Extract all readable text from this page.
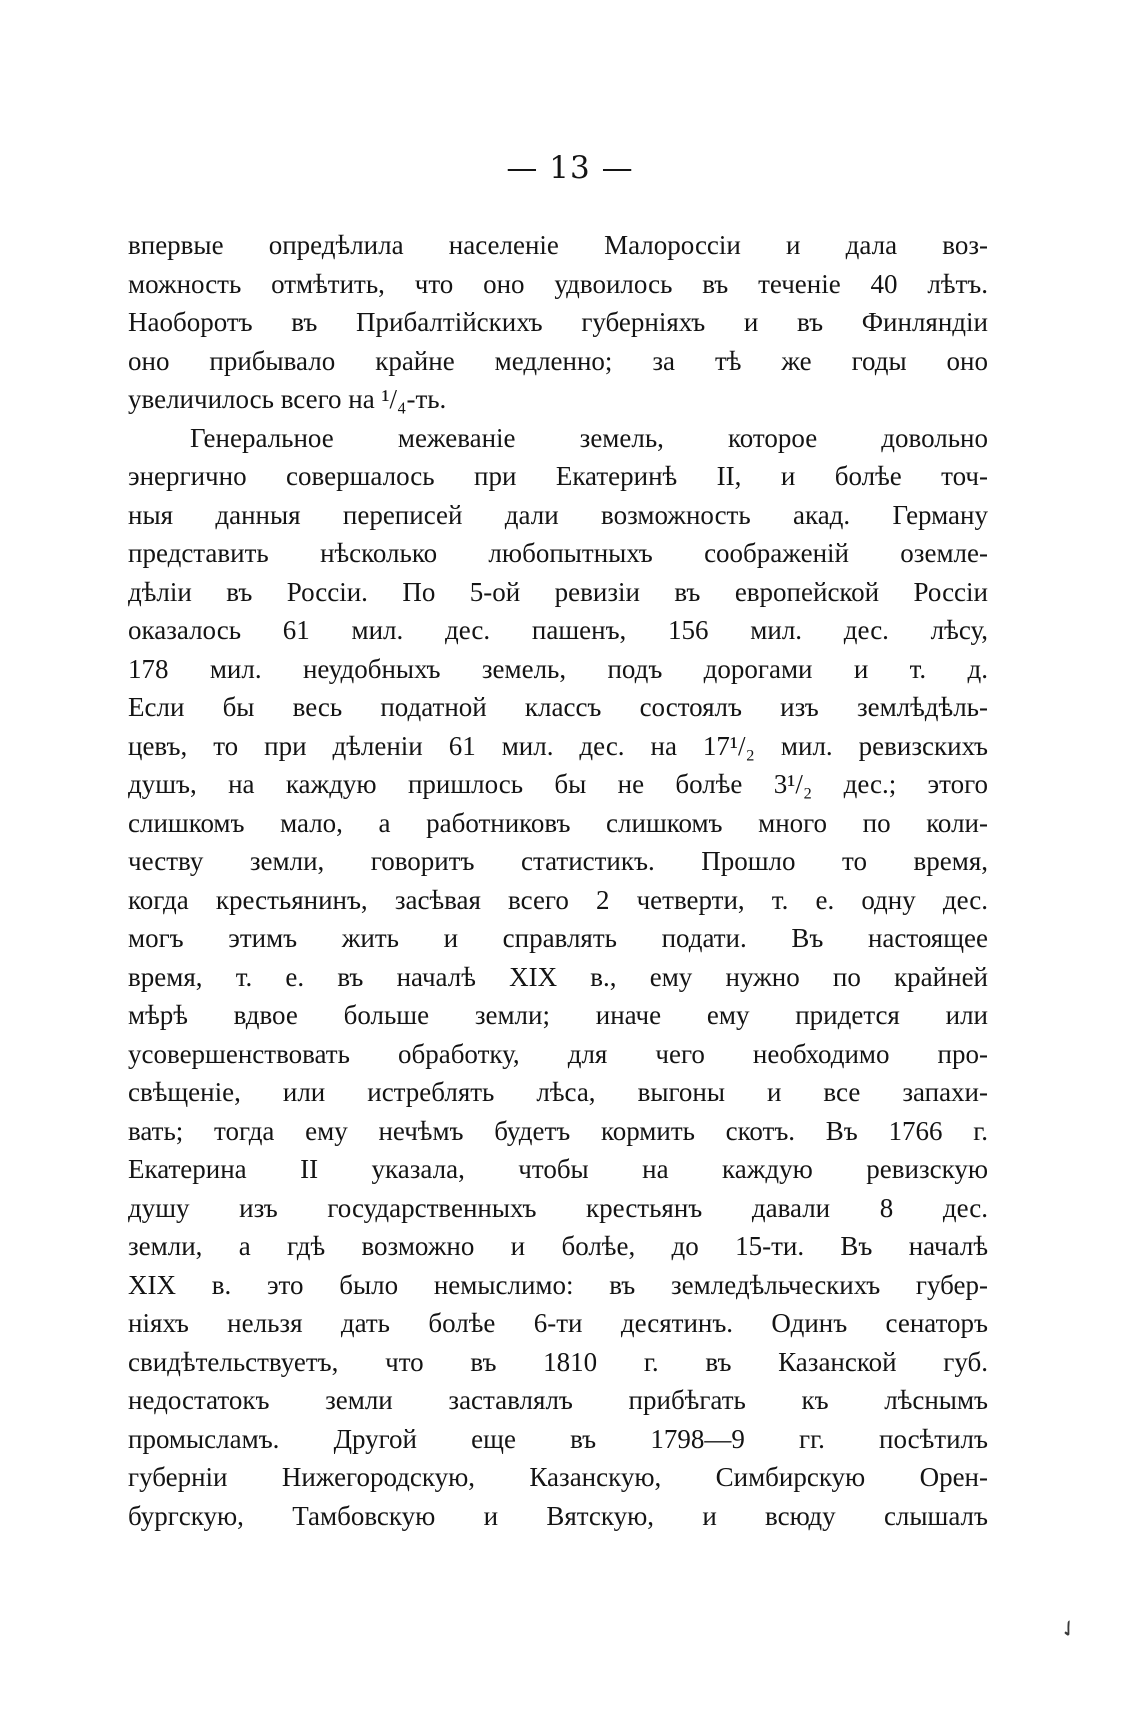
— 13 —
впервые опредѣлила населеніе Малороссіи и дала воз-
можность отмѣтить, что оно удвоилось въ теченіе 40 лѣтъ.
Наоборотъ въ Прибалтійскихъ губерніяхъ и въ Финляндіи
оно прибывало крайне медленно; за тѣ же годы оно
увеличилось всего на ¹/₄-ть.
Генеральное межеваніе земель, которое довольно
энергично совершалось при Екатеринѣ II, и болѣе точ-
ныя данныя переписей дали возможность акад. Герману
представить нѣсколько любопытныхъ соображеній оземле-
дѣліи въ Россіи. По 5-ой ревизіи въ европейской Россіи
оказалось 61 мил. дес. пашенъ, 156 мил. дес. лѣсу,
178 мил. неудобныхъ земель, подъ дорогами и т. д.
Если бы весь податной классъ состоялъ изъ землѣдѣль-
цевъ, то при дѣленіи 61 мил. дес. на 17¹/₂ мил. ревизскихъ
душъ, на каждую пришлось бы не болѣе 3¹/₂ дес.; этого
слишкомъ мало, а работниковъ слишкомъ много по коли-
честву земли, говоритъ статистикъ. Прошло то время,
когда крестьянинъ, засѣвая всего 2 четверти, т. е. одну дес.
могъ этимъ жить и справлять подати. Въ настоящее
время, т. е. въ началѣ XIX в., ему нужно по крайней
мѣрѣ вдвое больше земли; иначе ему придется или
усовершенствовать обработку, для чего необходимо про-
свѣщеніе, или истреблять лѣса, выгоны и все запахи-
вать; тогда ему нечѣмъ будетъ кормить скотъ. Въ 1766 г.
Екатерина II указала, чтобы на каждую ревизскую
душу изъ государственныхъ крестьянъ давали 8 дес.
земли, а гдѣ возможно и болѣе, до 15-ти. Въ началѣ
XIX в. это было немыслимо: въ земледѣльческихъ губер-
ніяхъ нельзя дать болѣе 6-ти десятинъ. Одинъ сенаторъ
свидѣтельствуетъ, что въ 1810 г. въ Казанской губ.
недостатокъ земли заставлялъ прибѣгать къ лѣснымъ
промысламъ. Другой еще въ 1798—9 гг. посѣтилъ
губерніи Нижегородскую, Казанскую, Симбирскую Орен-
бургскую, Тамбовскую и Вятскую, и всюду слышалъ
✓
